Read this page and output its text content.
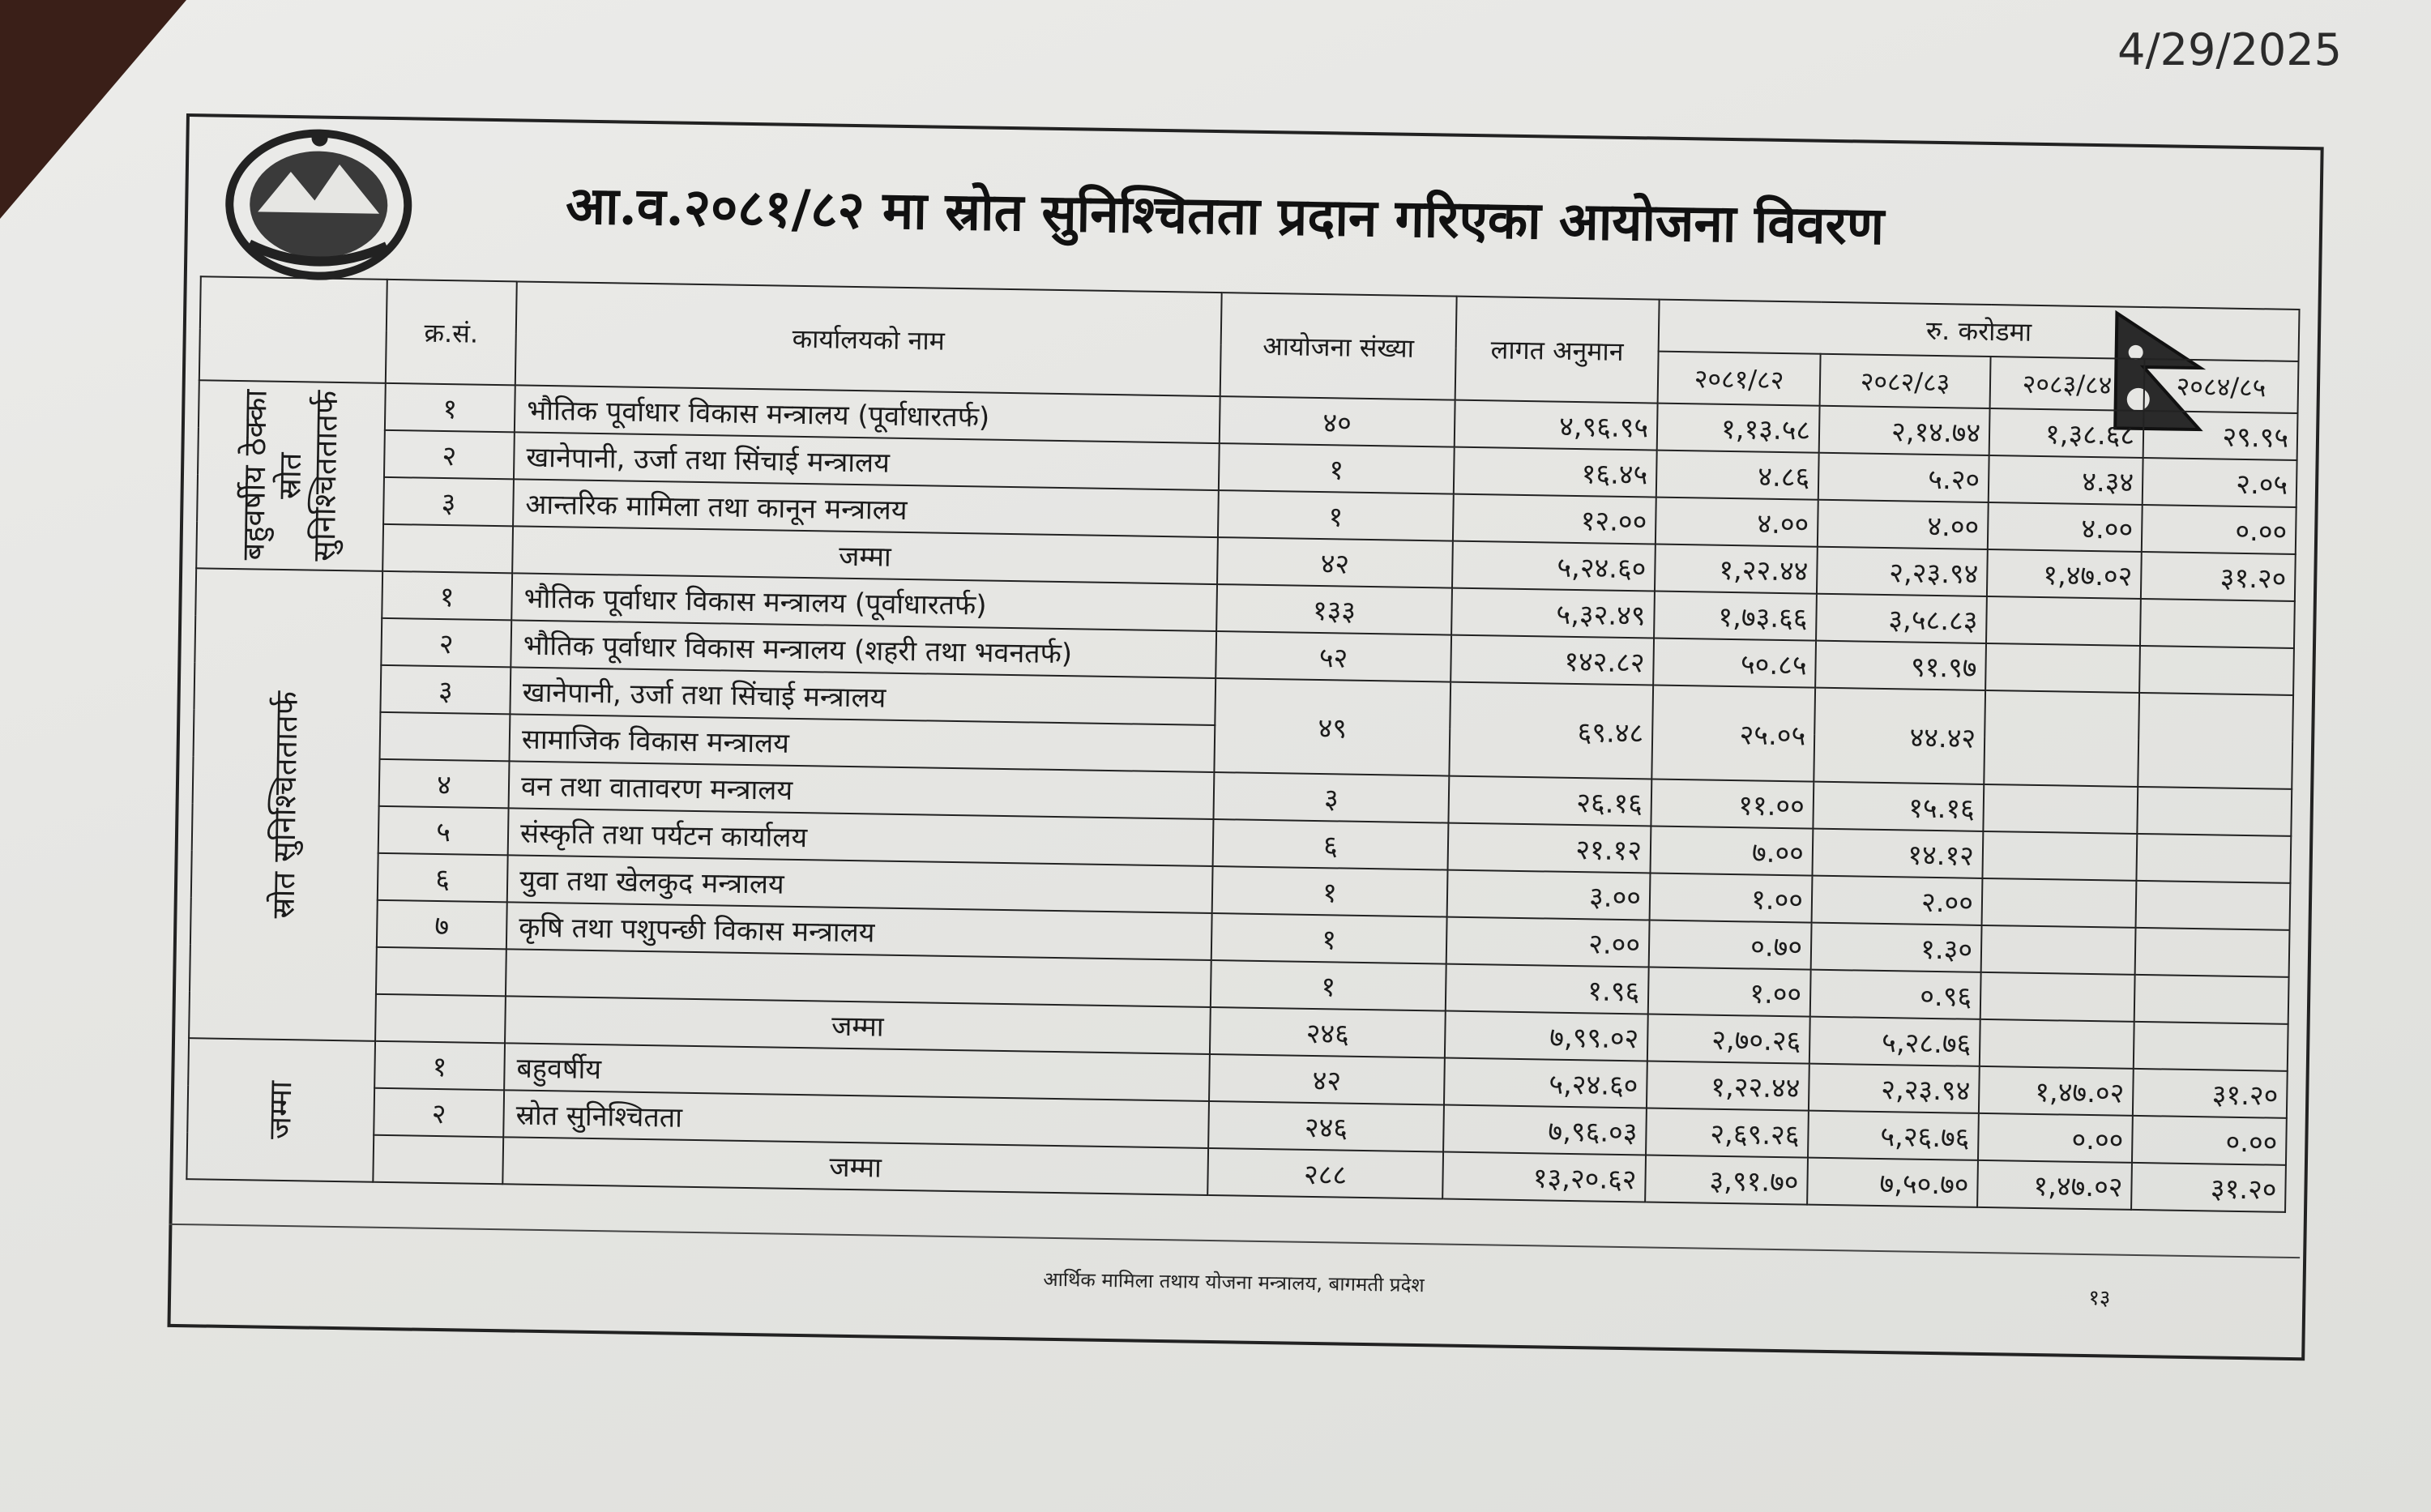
4/29/2025
आ.व.२०८१/८२ मा स्रोत सुनिश्चितता प्रदान गरिएका आयोजना विवरण
	क्र.सं.	कार्यालयको नाम	आयोजना संख्या	लागत अनुमान	रु. करोडमा			
					२०८१/८२	२०८२/८३	२०८३/८४	२०८४/८५

बहुवर्षीय ठेक्का स्रोत सुनिश्चिततातर्फ	१	भौतिक पूर्वाधार विकास मन्त्रालय (पूर्वाधारतर्फ)	४०	४,९६.९५	१,१३.५८	२,१४.७४	१,३८.६८	२९.९५
	२	खानेपानी, उर्जा तथा सिंचाई मन्त्रालय	१	१६.४५	४.८६	५.२०	४.३४	२.०५
	३	आन्तरिक मामिला तथा कानून मन्त्रालय	१	१२.००	४.००	४.००	४.००	०.००
		जम्मा	४२	५,२४.६०	१,२२.४४	२,२३.९४	१,४७.०२	३१.२०

स्रोत सुनिश्चिततातर्फ	१	भौतिक पूर्वाधार विकास मन्त्रालय (पूर्वाधारतर्फ)	१३३	५,३२.४९	१,७३.६६	३,५८.८३		
	२	भौतिक पूर्वाधार विकास मन्त्रालय (शहरी तथा भवनतर्फ)	५२	१४२.८२	५०.८५	९१.९७		
	३	खानेपानी, उर्जा तथा सिंचाई मन्त्रालय	४९	६९.४८	२५.०५	४४.४२		
		सामाजिक विकास मन्त्रालय						
	४	वन तथा वातावरण मन्त्रालय	३	२६.१६	११.००	१५.१६		
	५	संस्कृति तथा पर्यटन कार्यालय	६	२१.१२	७.००	१४.१२		
	६	युवा तथा खेलकुद मन्त्रालय	१	३.००	१.००	२.००		
	७	कृषि तथा पशुपन्छी विकास मन्त्रालय	१	२.००	०.७०	१.३०		
			१	१.९६	१.००	०.९६		
		जम्मा	२४६	७,९९.०२	२,७०.२६	५,२८.७६		

जम्मा	१	बहुवर्षीय	४२	५,२४.६०	१,२२.४४	२,२३.९४	१,४७.०२	३१.२०
	२	स्रोत सुनिश्चितता	२४६	७,९६.०३	२,६९.२६	५,२६.७६	०.००	०.००
		जम्मा	२८८	१३,२०.६२	३,९१.७०	७,५०.७०	१,४७.०२	३१.२०
आर्थिक मामिला तथाय योजना मन्त्रालय, बागमती प्रदेश
१३
